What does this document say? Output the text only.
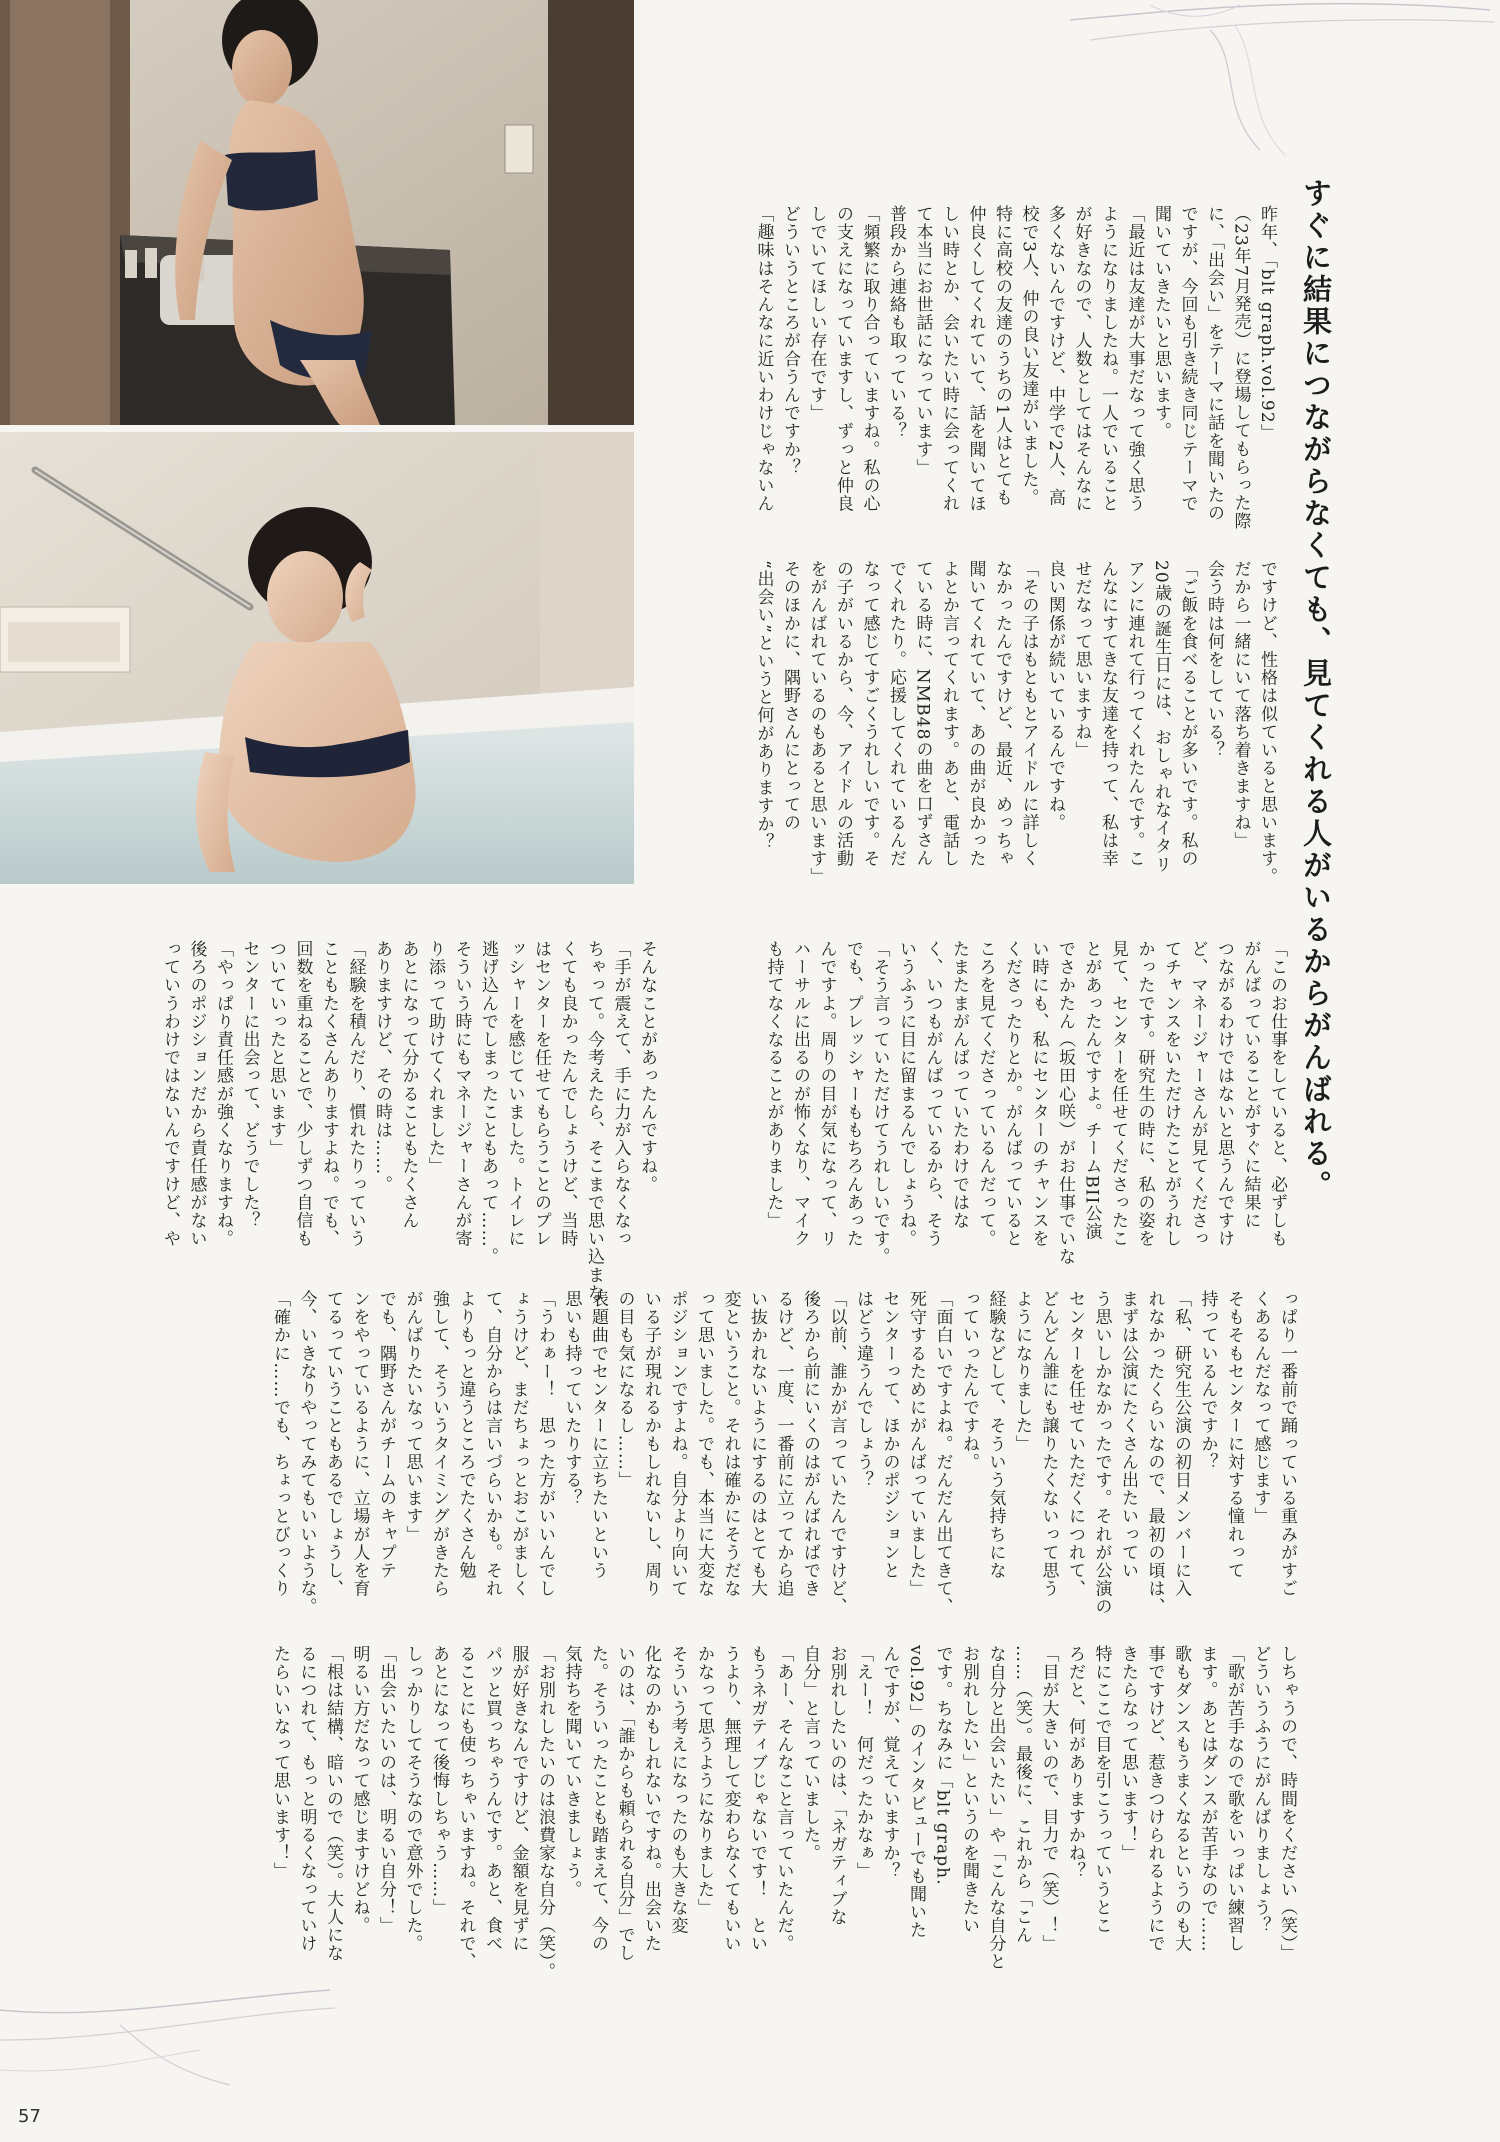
すぐに結果につながらなくても、見てくれる人がいるからがんばれる。

昨年、「blt graph.vol.92」

（23年7月発売）に登場してもらった際

に、「出会い」をテーマに話を聞いたの

ですが、今回も引き続き同じテーマで

聞いていきたいと思います。

「最近は友達が大事だなって強く思う

ようになりましたね。一人でいること

が好きなので、人数としてはそんなに

多くないんですけど、中学で2人、高

校で3人、仲の良い友達がいました。

特に高校の友達のうちの1人はとても

仲良くしてくれていて、話を聞いてほ

しい時とか、会いたい時に会ってくれ

て本当にお世話になっています」

普段から連絡も取っている？

「頻繁に取り合っていますね。私の心

の支えになっていますし、ずっと仲良

しでいてほしい存在です」

どういうところが合うんですか？

「趣味はそんなに近いわけじゃないん

ですけど、性格は似ていると思います。

だから一緒にいて落ち着きますね」

会う時は何をしている？

「ご飯を食べることが多いです。私の

20歳の誕生日には、おしゃれなイタリ

アンに連れて行ってくれたんです。こ

んなにすてきな友達を持って、私は幸

せだなって思いますね」

良い関係が続いているんですね。

「その子はもともとアイドルに詳しく

なかったんですけど、最近、めっちゃ

聞いてくれていて、あの曲が良かった

よとか言ってくれます。あと、電話し

ている時に、NMB48の曲を口ずさん

でくれたり。応援してくれているんだ

なって感じてすごくうれしいです。そ

の子がいるから、今、アイドルの活動

をがんばれているのもあると思います」

そのほかに、隅野さんにとっての

“出会い”というと何がありますか？

「このお仕事をしていると、必ずしも

がんばっていることがすぐに結果に

つながるわけではないと思うんですけ

ど、マネージャーさんが見てくださっ

てチャンスをいただけたことがうれし

かったです。研究生の時に、私の姿を

見て、センターを任せてくださったこ

とがあったんですよ。チームBII公演

でさかたん（坂田心咲）がお仕事でいな

い時にも、私にセンターのチャンスを

くださったりとか。がんばっていると

ころを見てくださっているんだって。

たまたまがんばっていたわけではな

く、いつもがんばっているから、そう

いうふうに目に留まるんでしょうね。

「そう言っていただけてうれしいです。

でも、プレッシャーももちろんあった

んですよ。周りの目が気になって、リ

ハーサルに出るのが怖くなり、マイク

も持てなくなることがありました」

そんなことがあったんですね。

「手が震えて、手に力が入らなくなっ

ちゃって。今考えたら、そこまで思い込まな

くても良かったんでしょうけど、当時

はセンターを任せてもらうことのプレ

ッシャーを感じていました。トイレに

逃げ込んでしまったこともあって……。

そういう時にもマネージャーさんが寄

り添って助けてくれました」

あとになって分かることもたくさん

ありますけど、その時は……。

「経験を積んだり、慣れたりっていう

こともたくさんありますよね。でも、

回数を重ねることで、少しずつ自信も

ついていったと思います」

センターに出会って、どうでした？

「やっぱり責任感が強くなりますね。

後ろのポジションだから責任感がない

っていうわけではないんですけど、や

っぱり一番前で踊っている重みがすご

くあるんだなって感じます」

そもそもセンターに対する憧れって

持っているんですか？

「私、研究生公演の初日メンバーに入

れなかったくらいなので、最初の頃は、

まずは公演にたくさん出たいってい

う思いしかなかったです。それが公演の

センターを任せていただくにつれて、

どんどん誰にも譲りたくないって思う

ようになりました」

経験などして、そういう気持ちにな

っていったんですね。

「面白いですよね。だんだん出てきて、

死守するためにがんばっていました」

センターって、ほかのポジションと

はどう違うんでしょう？

「以前、誰かが言っていたんですけど、

後ろから前にいくのはがんばればでき

るけど、一度、一番前に立ってから追

い抜かれないようにするのはとても大

変ということ。それは確かにそうだな

って思いました。でも、本当に大変な

ポジションですよね。自分より向いて

いる子が現れるかもしれないし、周り

の目も気になるし……」

表題曲でセンターに立ちたいという

思いも持っていたりする？

「うわぁー！　思った方がいいんでし

ょうけど、まだちょっとおこがましく

て、自分からは言いづらいかも。それ

よりもっと違うところでたくさん勉

強して、そういうタイミングがきたら

がんばりたいなって思います」

でも、隅野さんがチームのキャプテ

ンをやっているように、立場が人を育

てるっていうこともあるでしょうし、

今、いきなりやってみてもいいような。

「確かに……でも、ちょっとびっくり

しちゃうので、時間をください（笑）」

どういうふうにがんばりましょう？

「歌が苦手なので歌をいっぱい練習し

ます。あとはダンスが苦手なので……

歌もダンスもうまくなるというのも大

事ですけど、惹きつけられるようにで

きたらなって思います！」

特にここで目を引こうっていうとこ

ろだと、何がありますかね？

「目が大きいので、目力で（笑）！」

……（笑）。最後に、これから「こん

な自分と出会いたい」や「こんな自分と

お別れしたい」というのを聞きたい

です。ちなみに「blt graph.

vol.92」のインタビューでも聞いた

んですが、覚えていますか？

「えー！　何だったかなぁ」

お別れしたいのは、「ネガティブな

自分」と言っていました。

「あー、そんなこと言っていたんだ。

もうネガティブじゃないです！　とい

うより、無理して変わらなくてもいい

かなって思うようになりました」

そういう考えになったのも大きな変

化なのかもしれないですね。出会いた

いのは、「誰からも頼られる自分」でし

た。そういったことも踏まえて、今の

気持ちを聞いていきましょう。

「お別れしたいのは浪費家な自分（笑）。

服が好きなんですけど、金額を見ずに

パッと買っちゃうんです。あと、食べ

ることにも使っちゃいますね。それで、

あとになって後悔しちゃう……」

しっかりしてそうなので意外でした。

「出会いたいのは、明るい自分！」

明るい方だなって感じますけどね。

「根は結構、暗いので（笑）。大人にな

るにつれて、もっと明るくなっていけ

たらいいなって思います！」

57
